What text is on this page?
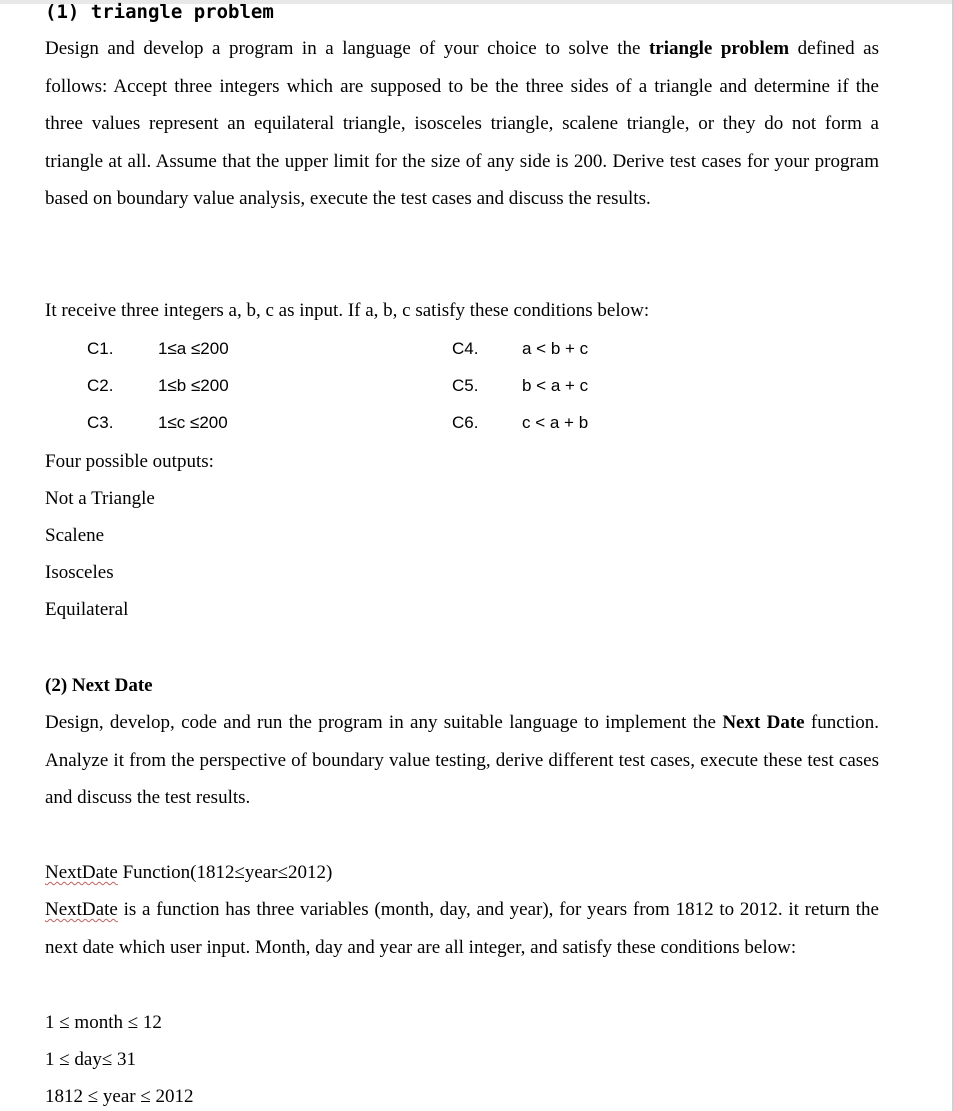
(1) triangle problem

Design and develop a program in a language of your choice to solve the triangle problem defined as follows: Accept three integers which are supposed to be the three sides of a triangle and determine if the three values represent an equilateral triangle, isosceles triangle, scalene triangle, or they do not form a triangle at all. Assume that the upper limit for the size of any side is 200. Derive test cases for your program based on boundary value analysis, execute the test cases and discuss the results.

It receive three integers a, b, c as input. If a, b, c satisfy these conditions below:

C1.	1≤a ≤200	C4.	a < b + c
C2.	1≤b ≤200	C5.	b < a + c
C3.	1≤c ≤200	C6.	c < a + b

Four possible outputs:

Not a Triangle

Scalene

Isosceles

Equilateral

(2) Next Date

Design, develop, code and run the program in any suitable language to implement the Next Date function. Analyze it from the perspective of boundary value testing, derive different test cases, execute these test cases and discuss the test results.

NextDate Function(1812≤year≤2012)

NextDate is a function has three variables (month, day, and year), for years from 1812 to 2012. it return the next date which user input. Month, day and year are all integer, and satisfy these conditions below:

1 ≤ month ≤ 12

1 ≤ day≤ 31

1812 ≤ year ≤ 2012
